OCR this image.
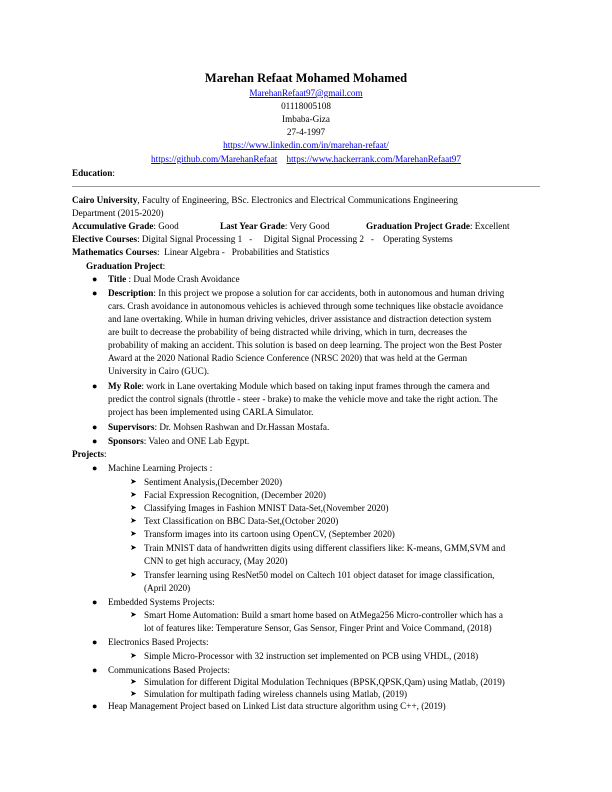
Marehan Refaat Mohamed Mohamed
MarehanRefaat97@gmail.com
01118005108
Imbaba-Giza
27-4-1997
https://www.linkedin.com/in/marehan-refaat/
https://github.com/MarehanRefaat https://www.hackerrank.com/MarehanRefaat97
Education:
Cairo University, Faculty of Engineering, BSc. Electronics and Electrical Communications Engineering
Department (2015-2020)
Accumulative Grade: Good	Last Year Grade: Very Good	Graduation Project Grade: Excellent
Elective Courses: Digital Signal Processing 1   -     Digital Signal Processing 2   -    Operating Systems
Mathematics Courses:  Linear Algebra -   Probabilities and Statistics
Graduation Project:
● Title : Dual Mode Crash Avoidance
● Description: In this project we propose a solution for car accidents, both in autonomous and human driving
cars. Crash avoidance in autonomous vehicles is achieved through some techniques like obstacle avoidance
and lane overtaking. While in human driving vehicles, driver assistance and distraction detection system
are built to decrease the probability of being distracted while driving, which in turn, decreases the
probability of making an accident. This solution is based on deep learning. The project won the Best Poster
Award at the 2020 National Radio Science Conference (NRSC 2020) that was held at the German
University in Cairo (GUC).
● My Role: work in Lane overtaking Module which based on taking input frames through the camera and
predict the control signals (throttle - steer - brake) to make the vehicle move and take the right action. The
project has been implemented using CARLA Simulator.
● Supervisors: Dr. Mohsen Rashwan and Dr.Hassan Mostafa.
● Sponsors: Valeo and ONE Lab Egypt.
Projects:
● Machine Learning Projects :
➤ Sentiment Analysis,(December 2020)
➤ Facial Expression Recognition, (December 2020)
➤ Classifying Images in Fashion MNIST Data-Set,(November 2020)
➤ Text Classification on BBC Data-Set,(October 2020)
➤ Transform images into its cartoon using OpenCV, (September 2020)
➤ Train MNIST data of handwritten digits using different classifiers like: K-means, GMM,SVM and
CNN to get high accuracy, (May 2020)
➤ Transfer learning using ResNet50 model on Caltech 101 object dataset for image classification,
(April 2020)
● Embedded Systems Projects:
➤ Smart Home Automation: Build a smart home based on AtMega256 Micro-controller which has a
lot of features like: Temperature Sensor, Gas Sensor, Finger Print and Voice Command, (2018)
● Electronics Based Projects:
➤ Simple Micro-Processor with 32 instruction set implemented on PCB using VHDL, (2018)
● Communications Based Projects:
➤ Simulation for different Digital Modulation Techniques (BPSK,QPSK,Qam) using Matlab, (2019)
➤ Simulation for multipath fading wireless channels using Matlab, (2019)
● Heap Management Project based on Linked List data structure algorithm using C++, (2019)
